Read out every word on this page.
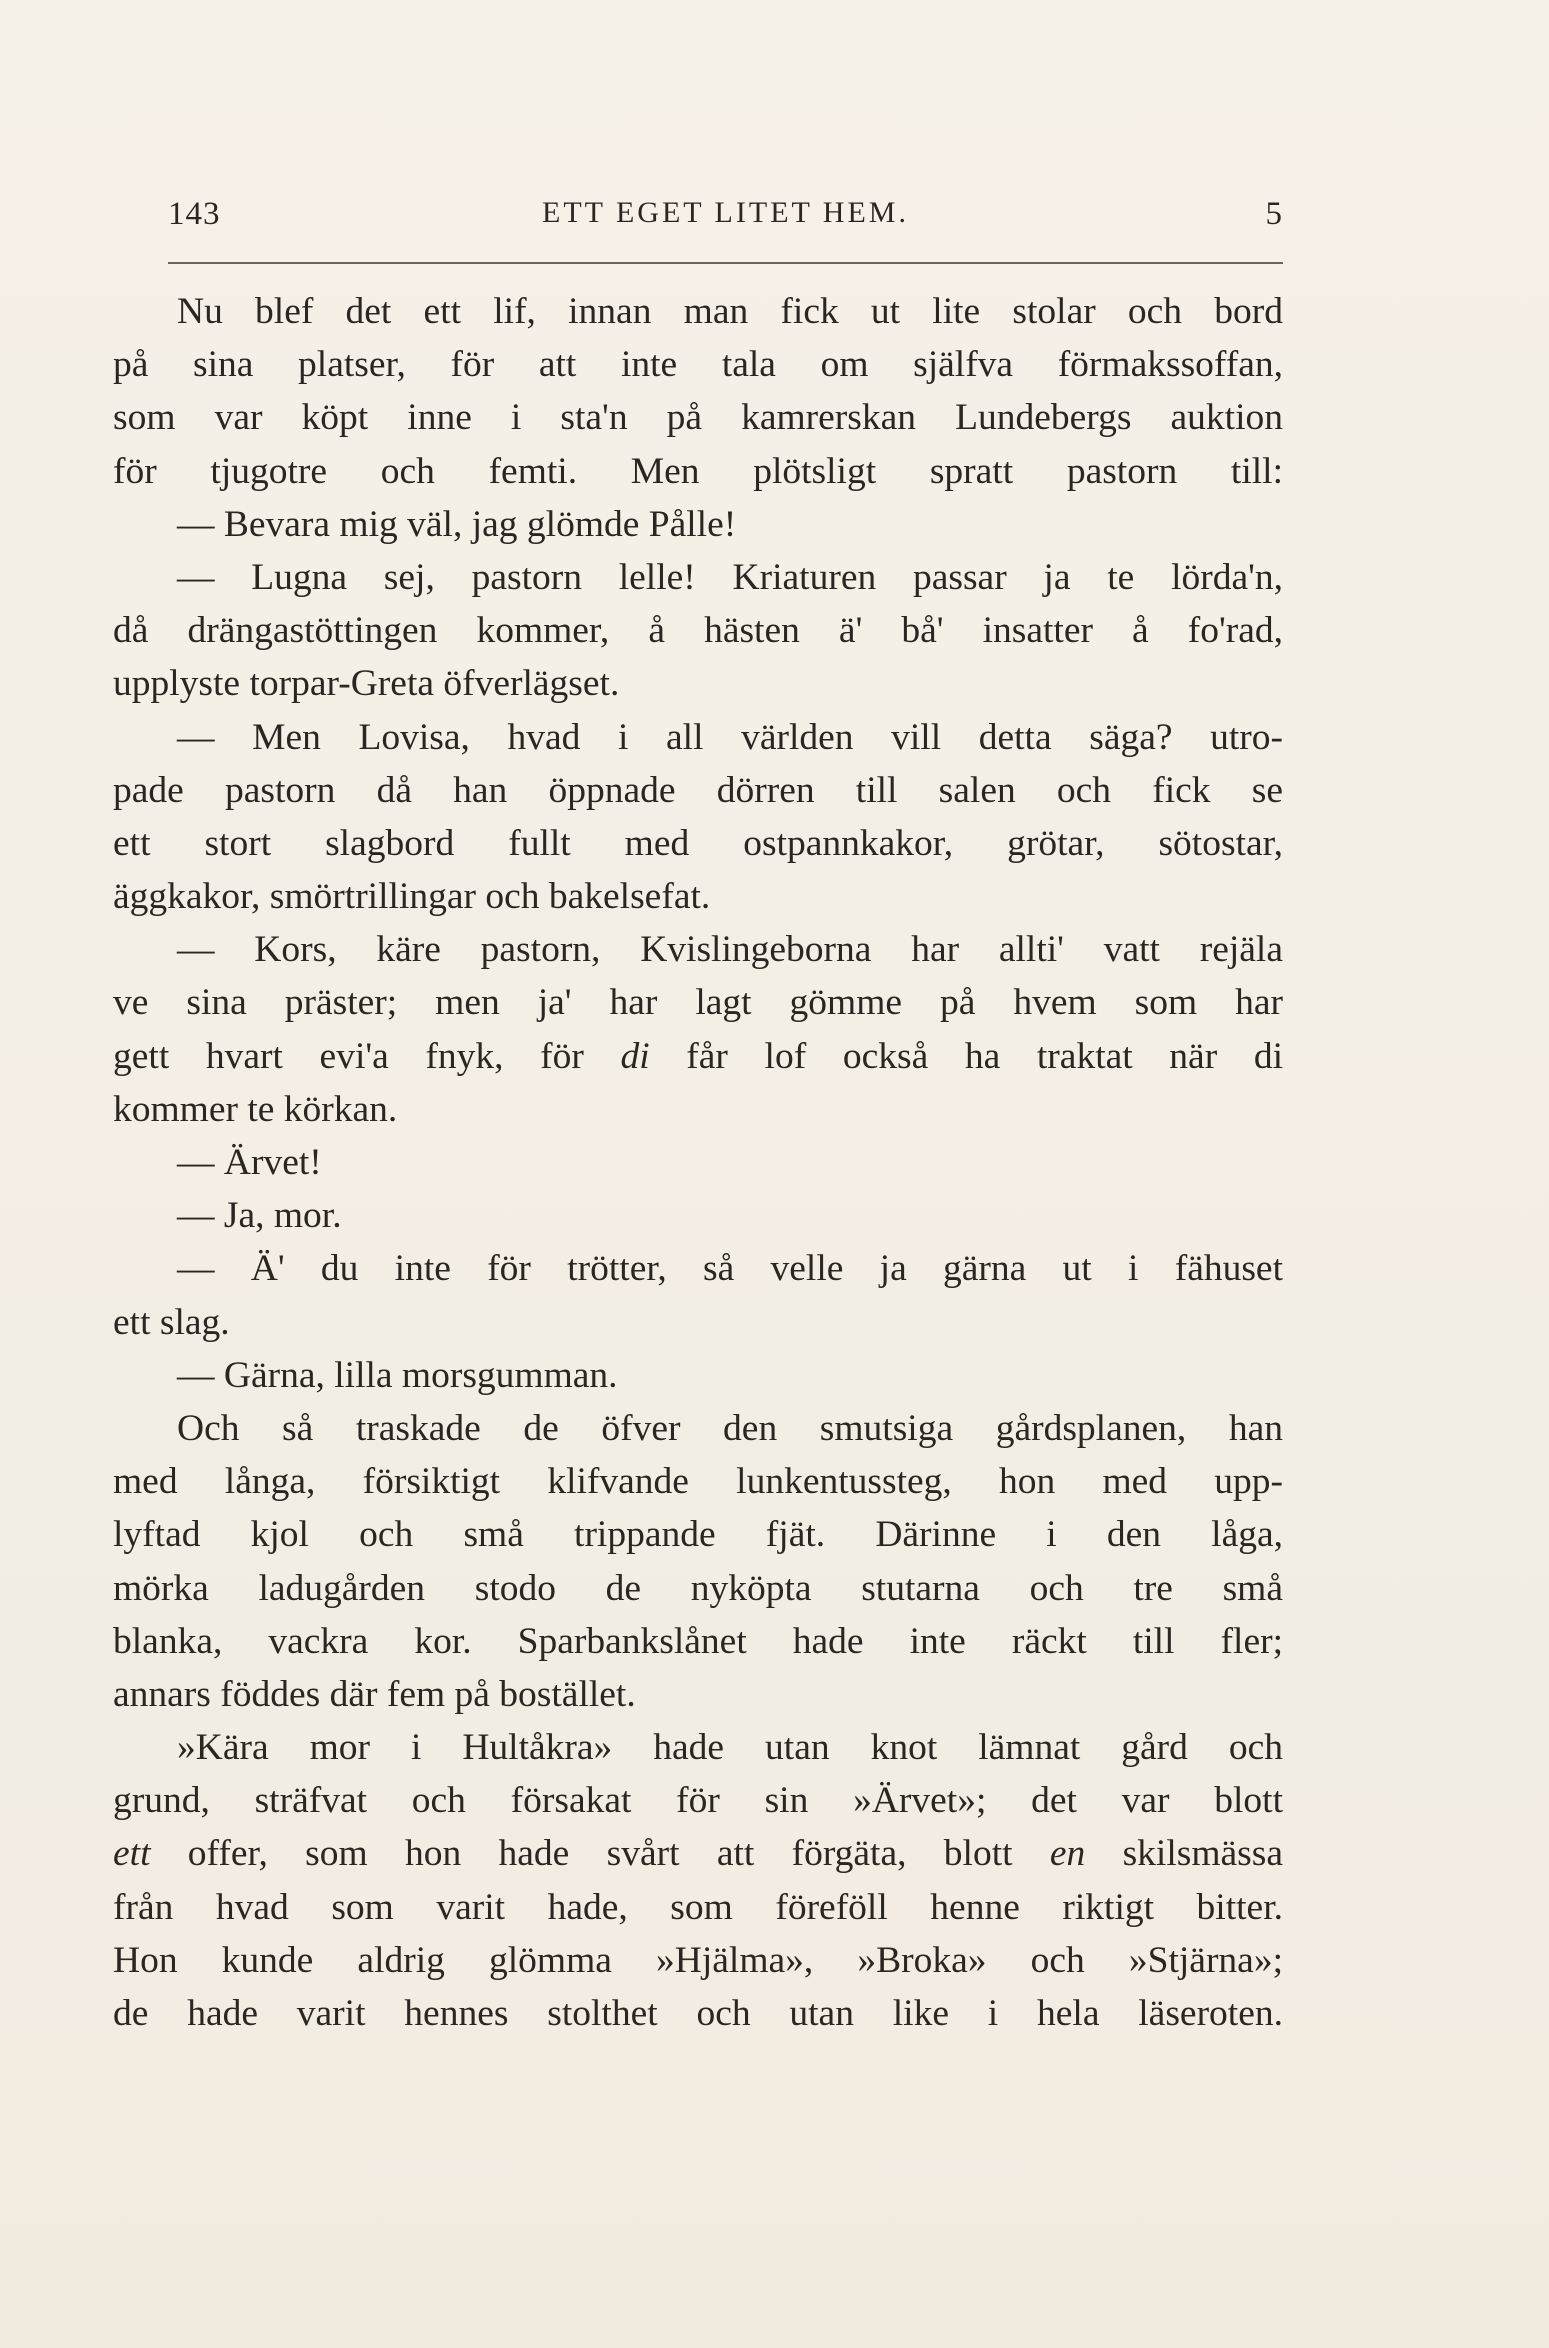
143	ETT EGET LITET HEM.	5
Nu blef det ett lif, innan man fick ut lite stolar och bord
på sina platser, för att inte tala om själfva förmakssoffan,
som var köpt inne i sta'n på kamrerskan Lundebergs auktion
för tjugotre och femti. Men plötsligt spratt pastorn till:
— Bevara mig väl, jag glömde Pålle!
— Lugna sej, pastorn lelle! Kriaturen passar ja te lörda'n,
då drängastöttingen kommer, å hästen ä' bå' insatter å fo'rad,
upplyste torpar-Greta öfverlägset.
— Men Lovisa, hvad i all världen vill detta säga? utro-
pade pastorn då han öppnade dörren till salen och fick se
ett stort slagbord fullt med ostpannkakor, grötar, sötostar,
äggkakor, smörtrillingar och bakelsefat.
— Kors, käre pastorn, Kvislingeborna har allti' vatt rejäla
ve sina präster; men ja' har lagt gömme på hvem som har
gett hvart evi'a fnyk, för di får lof också ha traktat när di
kommer te körkan.
— Ärvet!
— Ja, mor.
— Ä' du inte för trötter, så velle ja gärna ut i fähuset
ett slag.
— Gärna, lilla morsgumman.
Och så traskade de öfver den smutsiga gårdsplanen, han
med långa, försiktigt klifvande lunkentussteg, hon med upp-
lyftad kjol och små trippande fjät. Därinne i den låga,
mörka ladugården stodo de nyköpta stutarna och tre små
blanka, vackra kor. Sparbankslånet hade inte räckt till fler;
annars föddes där fem på bostället.
»Kära mor i Hultåkra» hade utan knot lämnat gård och
grund, sträfvat och försakat för sin »Ärvet»; det var blott
ett offer, som hon hade svårt att förgäta, blott en skilsmässa
från hvad som varit hade, som föreföll henne riktigt bitter.
Hon kunde aldrig glömma »Hjälma», »Broka» och »Stjärna»;
de hade varit hennes stolthet och utan like i hela läseroten.
